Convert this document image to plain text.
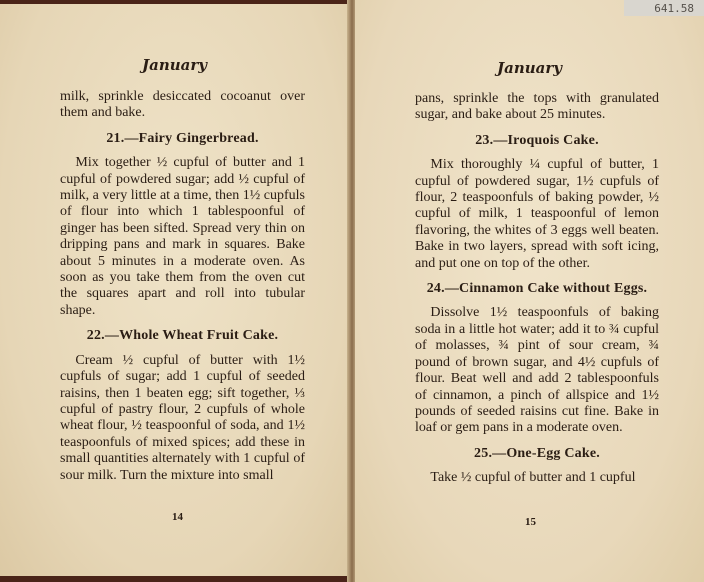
January

milk, sprinkle desiccated cocoanut over them and bake.

21.—Fairy Gingerbread.

Mix together ½ cupful of butter and 1 cupful of powdered sugar; add ½ cupful of milk, a very little at a time, then 1½ cupfuls of flour into which 1 tablespoonful of ginger has been sifted. Spread very thin on dripping pans and mark in squares. Bake about 5 minutes in a moderate oven. As soon as you take them from the oven cut the squares apart and roll into tubular shape.

22.—Whole Wheat Fruit Cake.

Cream ½ cupful of butter with 1½ cupfuls of sugar; add 1 cupful of seeded raisins, then 1 beaten egg; sift together, ⅓ cupful of pastry flour, 2 cupfuls of whole wheat flour, ½ teaspoonful of soda, and 1½ teaspoonfuls of mixed spices; add these in small quantities alternately with 1 cupful of sour milk. Turn the mixture into small

14
641.58
January

pans, sprinkle the tops with granulated sugar, and bake about 25 minutes.

23.—Iroquois Cake.

Mix thoroughly ¼ cupful of butter, 1 cupful of powdered sugar, 1½ cupfuls of flour, 2 teaspoonfuls of baking powder, ½ cupful of milk, 1 teaspoonful of lemon flavoring, the whites of 3 eggs well beaten. Bake in two layers, spread with soft icing, and put one on top of the other.

24.—Cinnamon Cake without Eggs.

Dissolve 1½ teaspoonfuls of baking soda in a little hot water; add it to ¾ cupful of molasses, ¾ pint of sour cream, ¾ pound of brown sugar, and 4½ cupfuls of flour. Beat well and add 2 tablespoonfuls of cinnamon, a pinch of allspice and 1½ pounds of seeded raisins cut fine. Bake in loaf or gem pans in a moderate oven.

25.—One-Egg Cake.

Take ½ cupful of butter and 1 cupful

15
